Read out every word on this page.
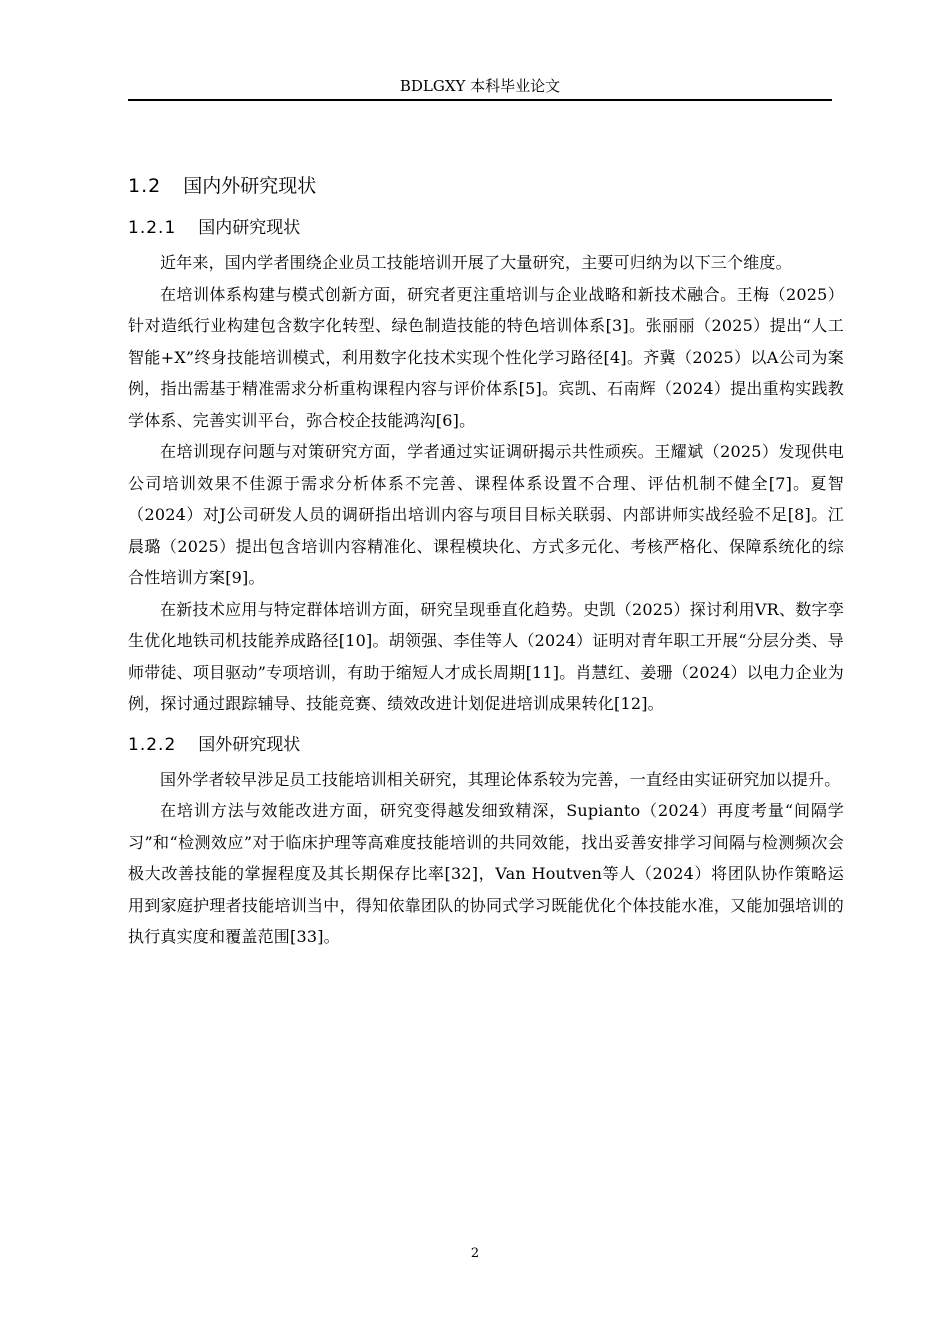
BDLGXY 本科毕业论文
1.2 国内外研究现状
1.2.1 国内研究现状

近年来，国内学者围绕企业员工技能培训开展了大量研究，主要可归纳为以下三个维度。

在培训体系构建与模式创新方面，研究者更注重培训与企业战略和新技术融合。王梅（2025）针对造纸行业构建包含数字化转型、绿色制造技能的特色培训体系[3]。张丽丽（2025）提出“人工智能+X”终身技能培训模式，利用数字化技术实现个性化学习路径[4]。齐冀（2025）以A公司为案例，指出需基于精准需求分析重构课程内容与评价体系[5]。宾凯、石南辉（2024）提出重构实践教学体系、完善实训平台，弥合校企技能鸿沟[6]。

在培训现存问题与对策研究方面，学者通过实证调研揭示共性顽疾。王耀斌（2025）发现供电公司培训效果不佳源于需求分析体系不完善、课程体系设置不合理、评估机制不健全[7]。夏智（2024）对J公司研发人员的调研指出培训内容与项目目标关联弱、内部讲师实战经验不足[8]。江晨璐（2025）提出包含培训内容精准化、课程模块化、方式多元化、考核严格化、保障系统化的综合性培训方案[9]。

在新技术应用与特定群体培训方面，研究呈现垂直化趋势。史凯（2025）探讨利用VR、数字孪生优化地铁司机技能养成路径[10]。胡领强、李佳等人（2024）证明对青年职工开展“分层分类、导师带徒、项目驱动”专项培训，有助于缩短人才成长周期[11]。肖慧红、姜珊（2024）以电力企业为例，探讨通过跟踪辅导、技能竞赛、绩效改进计划促进培训成果转化[12]。

1.2.2 国外研究现状

国外学者较早涉足员工技能培训相关研究，其理论体系较为完善，一直经由实证研究加以提升。

在培训方法与效能改进方面，研究变得越发细致精深，Supianto（2024）再度考量“间隔学习”和“检测效应”对于临床护理等高难度技能培训的共同效能，找出妥善安排学习间隔与检测频次会极大改善技能的掌握程度及其长期保存比率[32]，Van Houtven等人（2024）将团队协作策略运用到家庭护理者技能培训当中，得知依靠团队的协同式学习既能优化个体技能水准，又能加强培训的执行真实度和覆盖范围[33]。

2
